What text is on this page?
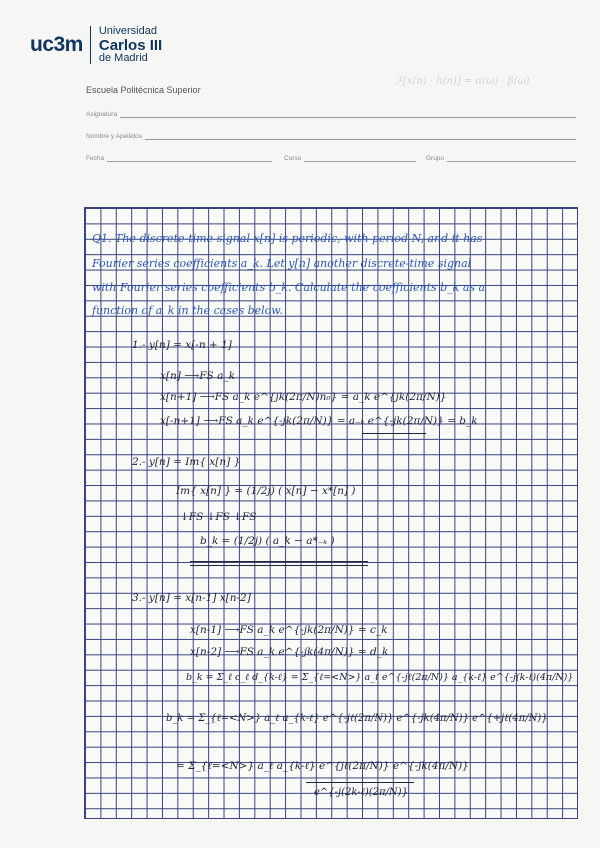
uc3m
Universidad
Carlos III
de Madrid
ℱ[x(n) · h(n)] = α(ω) · β(ω)
Escuela Politécnica Superior
Asignatura
Nombre y Apellidos
Fecha	Curso	Grupo
Q1. The discrete-time signal x[n] is periodic, with period N, and it has
Fourier series coefficients a_k. Let y[n] another discrete-time signal
with Fourier series coefficients b_k. Calculate the coefficients b_k as a
function of a_k in the cases below.
1.- y[n] = x[-n + 1]
x[n] ⟶FS a_k
x[n+1] ⟶FS a_k e^{jk(2π/N)n₀} = a_k e^{jk(2π/N)}
x[-n+1] ⟶FS a_k e^{-jk(2π/N)} = a₋ₖ e^{-jk(2π/N)} = b_k
2.- y[n] = Im{ x[n] }
Im{ x[n] } = (1/2j) ( x[n] − x*[n] )
↓FS ↓FS ↓FS
b_k = (1/2j) ( a_k − a*₋ₖ )
3.- y[n] = x[n-1] x[n-2]
x[n-1] ⟶FS a_k e^{-jk(2π/N)} = c_k
x[n-2] ⟶FS a_k e^{-jk(4π/N)} = d_k
b_k = Σ_ℓ c_ℓ d_{k-ℓ} = Σ_{ℓ=<N>} a_ℓ e^{-jℓ(2π/N)} a_{k-ℓ} e^{-j(k-ℓ)(4π/N)}
b_k = Σ_{ℓ=<N>} a_ℓ a_{k-ℓ} e^{-jℓ(2π/N)} e^{-jk(4π/N)} e^{+jℓ(4π/N)}
= Σ_{ℓ=<N>} a_ℓ a_{k-ℓ} e^{jℓ(2π/N)} e^{-jk(4π/N)}
e^{-j(2k-ℓ)(2π/N)}
